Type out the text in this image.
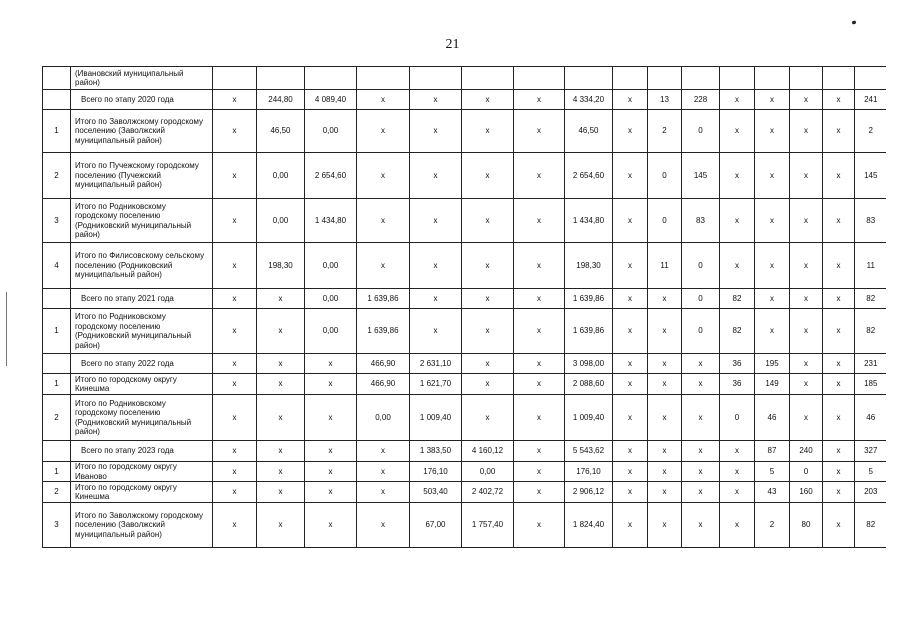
21
	(Ивановский муниципальный район)																
	Всего по этапу 2020 года	x	244,80	4 089,40	x	x	x	x	4 334,20	x	13	228	x	x	x	x	241
1	Итого по Заволжскому городскому поселению (Заволжский муниципальный район)	x	46,50	0,00	x	x	x	x	46,50	x	2	0	x	x	x	x	2
2	Итого по Пучежскому городскому поселению (Пучежский муниципальный район)	x	0,00	2 654,60	x	x	x	x	2 654,60	x	0	145	x	x	x	x	145
3	Итого по Родниковскому городскому поселению (Родниковский муниципальный район)	x	0,00	1 434,80	x	x	x	x	1 434,80	x	0	83	x	x	x	x	83
4	Итого по Филисовскому сельскому поселению (Родниковский муниципальный район)	x	198,30	0,00	x	x	x	x	198,30	x	11	0	x	x	x	x	11
	Всего по этапу 2021 года	x	x	0,00	1 639,86	x	x	x	1 639,86	x	x	0	82	x	x	x	82
1	Итого по Родниковскому городскому поселению (Родниковский муниципальный район)	x	x	0,00	1 639,86	x	x	x	1 639,86	x	x	0	82	x	x	x	82
	Всего по этапу 2022 года	x	x	x	466,90	2 631,10	x	x	3 098,00	x	x	x	36	195	x	x	231
1	Итого по городскому округу Кинешма	x	x	x	466,90	1 621,70	x	x	2 088,60	x	x	x	36	149	x	x	185
2	Итого по Родниковскому городскому поселению (Родниковский муниципальный район)	x	x	x	0,00	1 009,40	x	x	1 009,40	x	x	x	0	46	x	x	46
	Всего по этапу 2023 года	x	x	x	x	1 383,50	4 160,12	x	5 543,62	x	x	x	x	87	240	x	327
1	Итого по городскому округу Иваново	x	x	x	x	176,10	0,00	x	176,10	x	x	x	x	5	0	x	5
2	Итого по городскому округу Кинешма	x	x	x	x	503,40	2 402,72	x	2 906,12	x	x	x	x	43	160	x	203
3	Итого по Заволжскому городскому поселению (Заволжский муниципальный район)	x	x	x	x	67,00	1 757,40	x	1 824,40	x	x	x	x	2	80	x	82
